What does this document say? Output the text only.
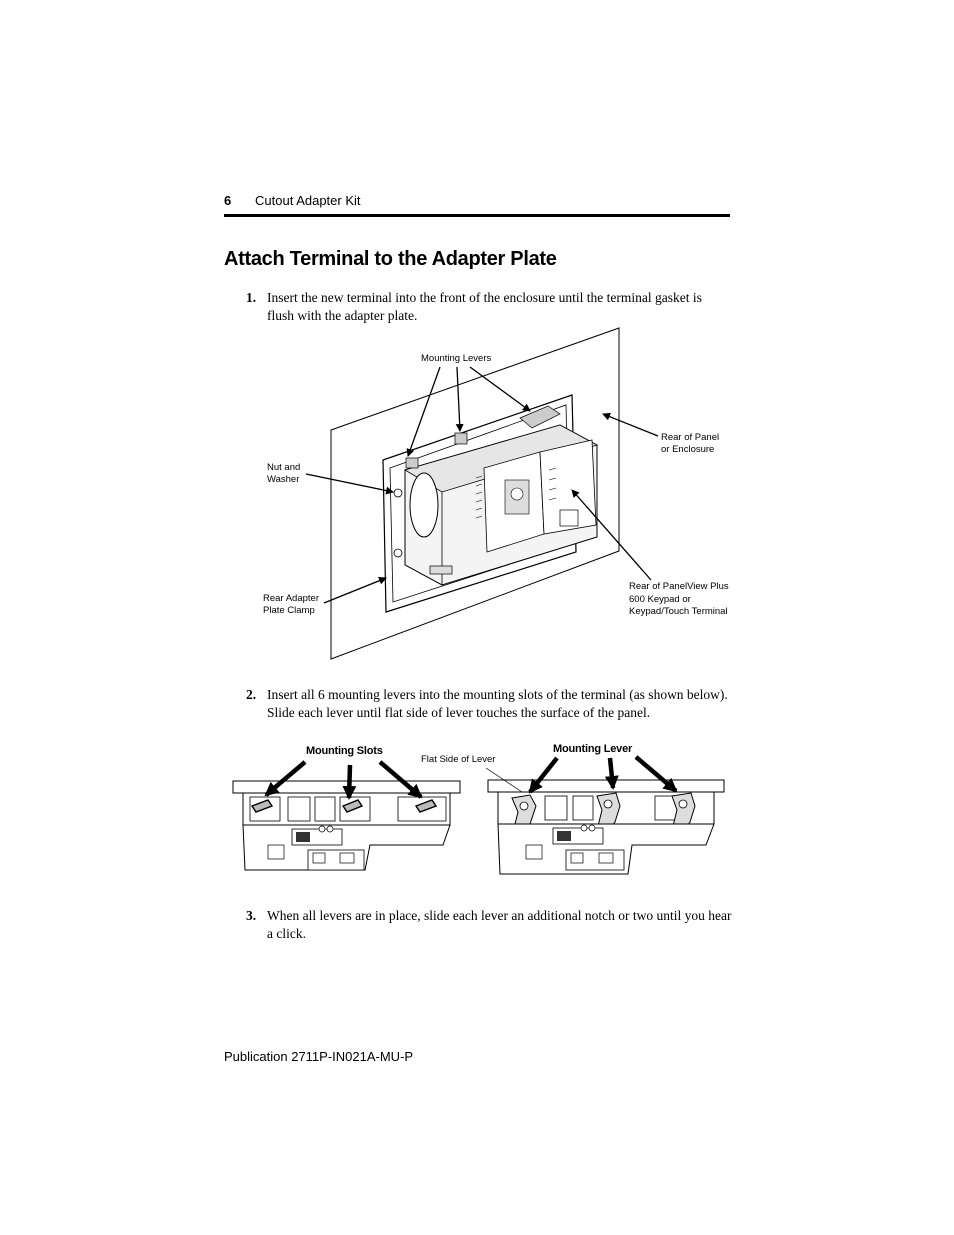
6 Cutout Adapter Kit
Attach Terminal to the Adapter Plate
1. Insert the new terminal into the front of the enclosure until the terminal gasket is flush with the adapter plate.
Mounting Levers
Rear of Panel
or Enclosure
Nut and
Washer
Rear Adapter
Plate Clamp
Rear of PanelView Plus
600 Keypad or
Keypad/Touch Terminal
2. Insert all 6 mounting levers into the mounting slots of the terminal (as shown below). Slide each lever until flat side of lever touches the surface of the panel.
Mounting Slots
Flat Side of Lever
Mounting Lever
3. When all levers are in place, slide each lever an additional notch or two until you hear a click.
Publication 2711P-IN021A-MU-P
